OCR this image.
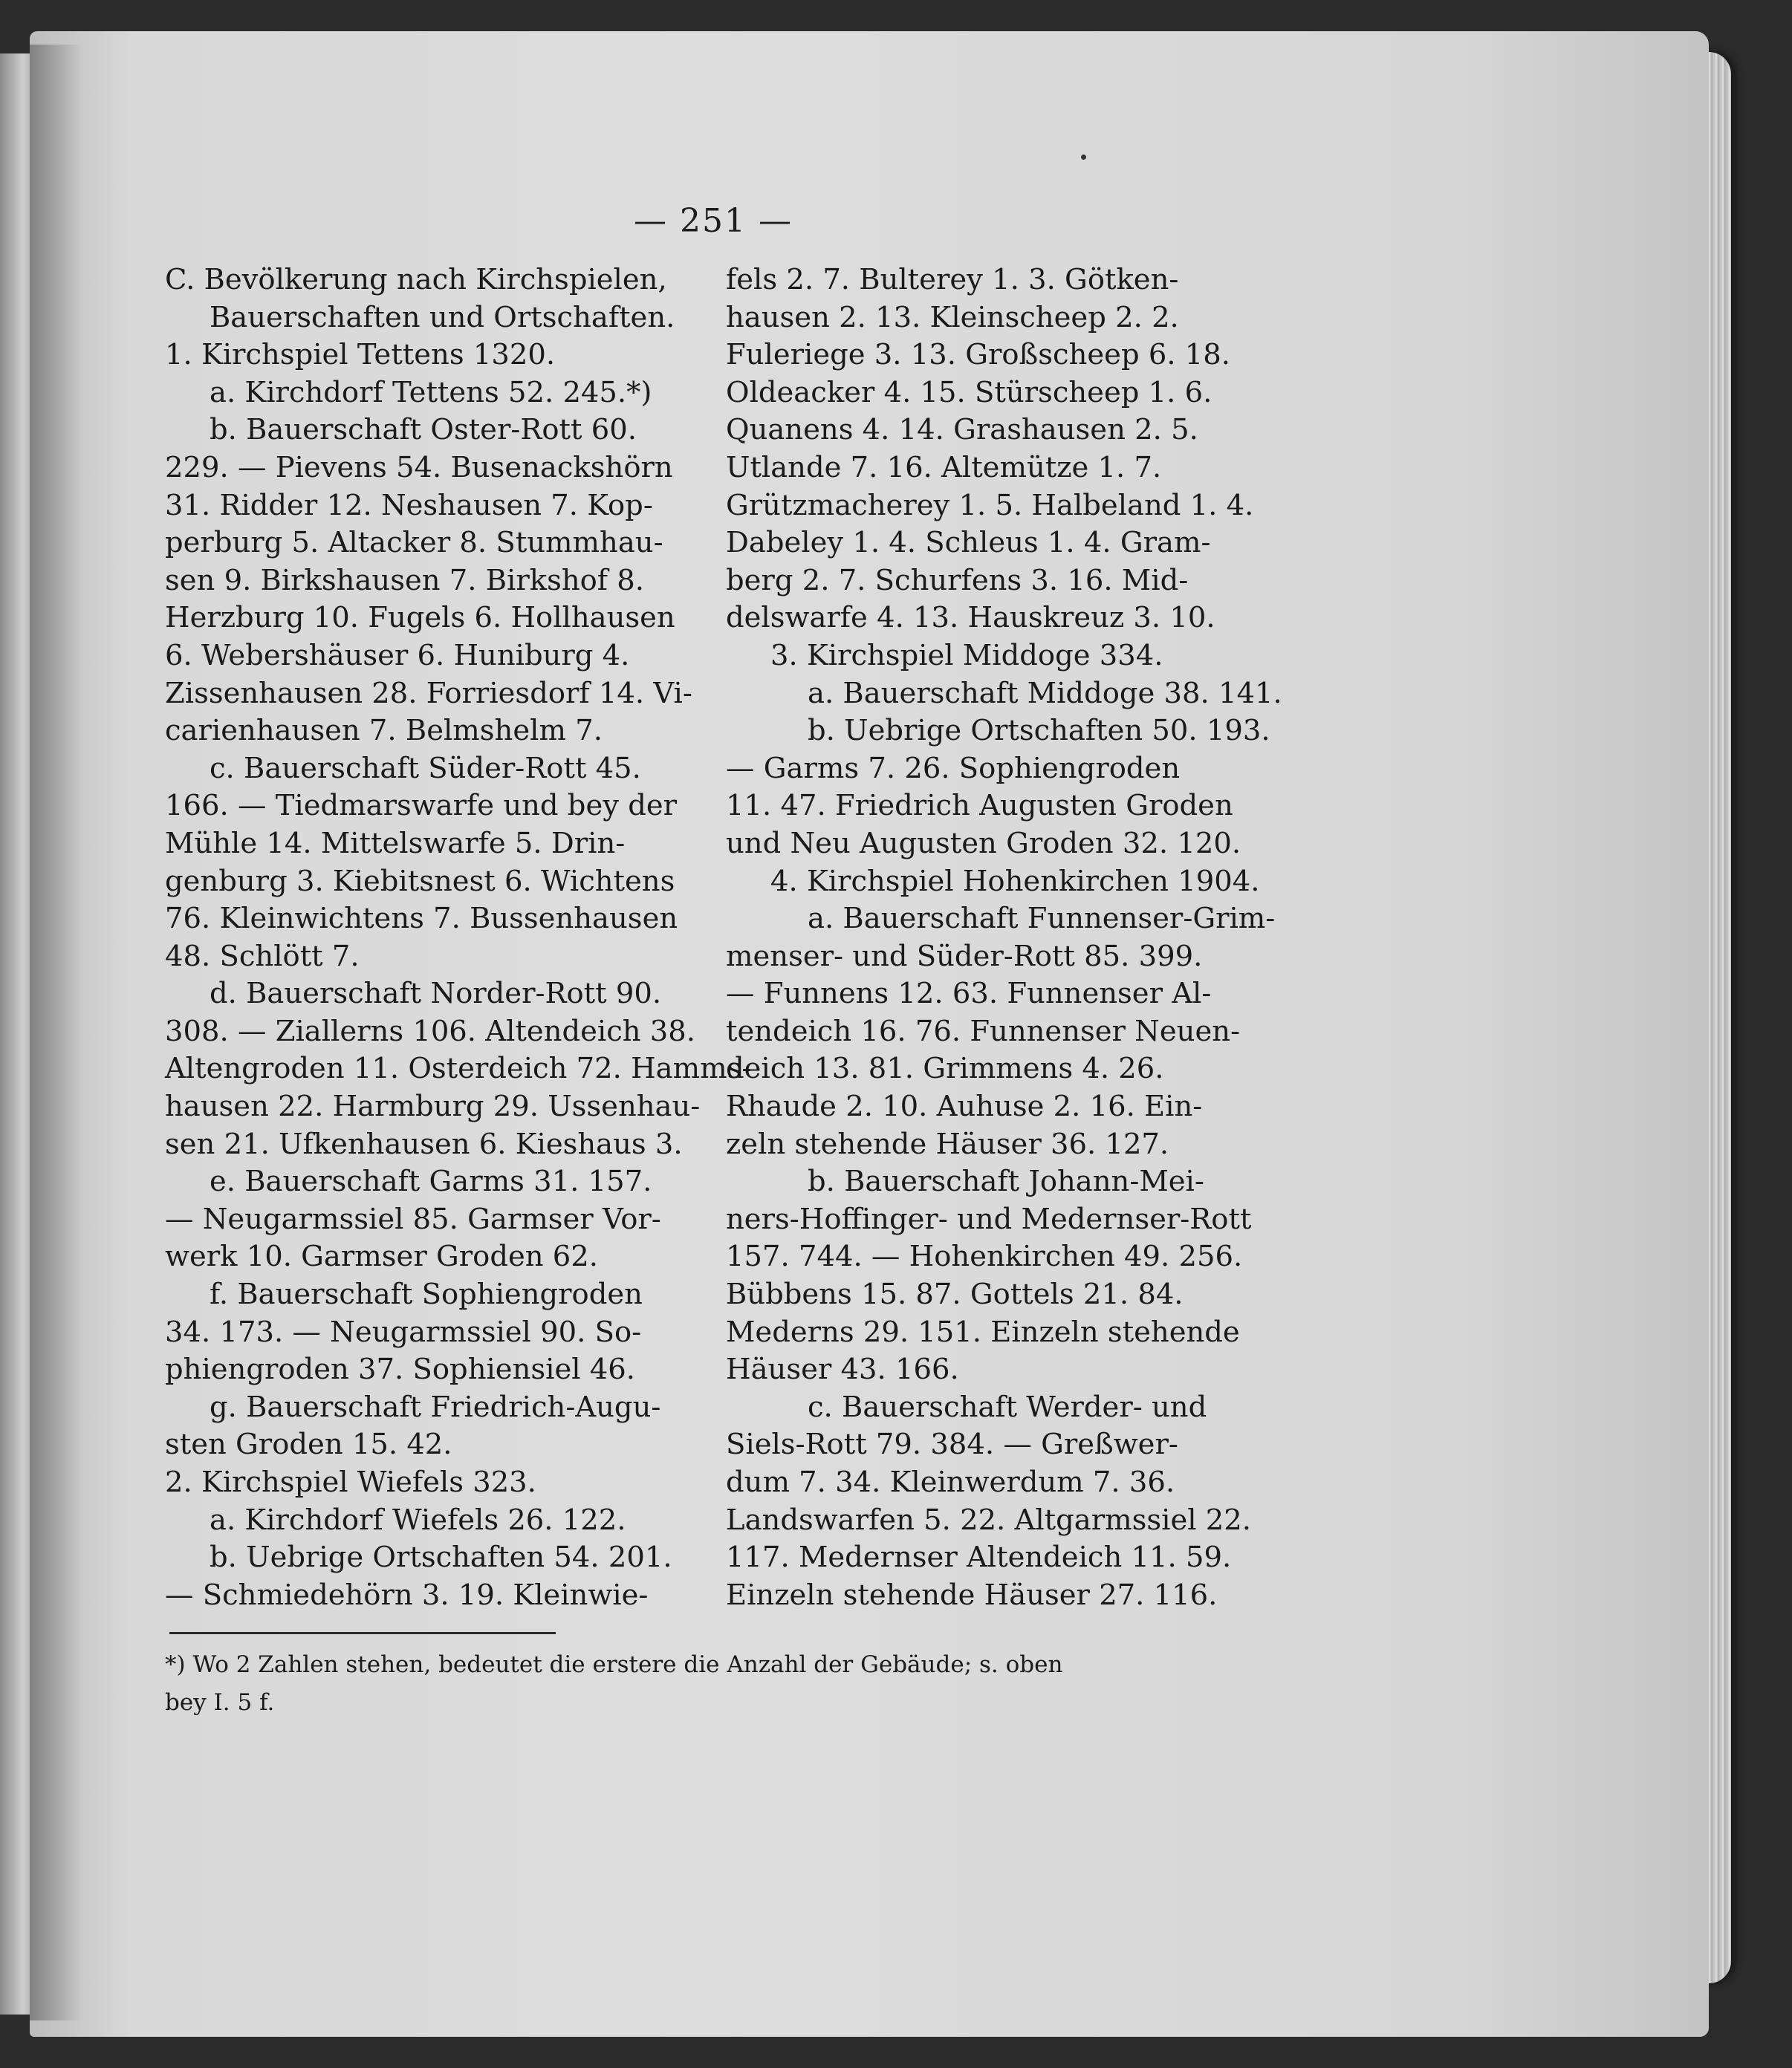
— 251 —
C. Bevölkerung nach Kirchspielen,
Bauerschaften und Ortschaften.
1. Kirchspiel Tettens 1320.
a. Kirchdorf Tettens 52. 245.*)
b. Bauerschaft Oster-Rott 60.
229. — Pievens 54. Busenackshörn
31. Ridder 12. Neshausen 7. Kop-
perburg 5. Altacker 8. Stummhau-
sen 9. Birkshausen 7. Birkshof 8.
Herzburg 10. Fugels 6. Hollhausen
6. Webershäuser 6. Huniburg 4.
Zissenhausen 28. Forriesdorf 14. Vi-
carienhausen 7. Belmshelm 7.
c. Bauerschaft Süder-Rott 45.
166. — Tiedmarswarfe und bey der
Mühle 14. Mittelswarfe 5. Drin-
genburg 3. Kiebitsnest 6. Wichtens
76. Kleinwichtens 7. Bussenhausen
48. Schlött 7.
d. Bauerschaft Norder-Rott 90.
308. — Ziallerns 106. Altendeich 38.
Altengroden 11. Osterdeich 72. Hamms-
hausen 22. Harmburg 29. Ussenhau-
sen 21. Ufkenhausen 6. Kieshaus 3.
e. Bauerschaft Garms 31. 157.
— Neugarmssiel 85. Garmser Vor-
werk 10. Garmser Groden 62.
f. Bauerschaft Sophiengroden
34. 173. — Neugarmssiel 90. So-
phiengroden 37. Sophiensiel 46.
g. Bauerschaft Friedrich-Augu-
sten Groden 15. 42.
2. Kirchspiel Wiefels 323.
a. Kirchdorf Wiefels 26. 122.
b. Uebrige Ortschaften 54. 201.
— Schmiedehörn 3. 19. Kleinwie-
fels 2. 7. Bulterey 1. 3. Götken-
hausen 2. 13. Kleinscheep 2. 2.
Fuleriege 3. 13. Großscheep 6. 18.
Oldeacker 4. 15. Stürscheep 1. 6.
Quanens 4. 14. Grashausen 2. 5.
Utlande 7. 16. Altemütze 1. 7.
Grützmacherey 1. 5. Halbeland 1. 4.
Dabeley 1. 4. Schleus 1. 4. Gram-
berg 2. 7. Schurfens 3. 16. Mid-
delswarfe 4. 13. Hauskreuz 3. 10.
3. Kirchspiel Middoge 334.
a. Bauerschaft Middoge 38. 141.
b. Uebrige Ortschaften 50. 193.
— Garms 7. 26. Sophiengroden
11. 47. Friedrich Augusten Groden
und Neu Augusten Groden 32. 120.
4. Kirchspiel Hohenkirchen 1904.
a. Bauerschaft Funnenser-Grim-
menser- und Süder-Rott 85. 399.
— Funnens 12. 63. Funnenser Al-
tendeich 16. 76. Funnenser Neuen-
deich 13. 81. Grimmens 4. 26.
Rhaude 2. 10. Auhuse 2. 16. Ein-
zeln stehende Häuser 36. 127.
b. Bauerschaft Johann-Mei-
ners-Hoffinger- und Medernser-Rott
157. 744. — Hohenkirchen 49. 256.
Bübbens 15. 87. Gottels 21. 84.
Mederns 29. 151. Einzeln stehende
Häuser 43. 166.
c. Bauerschaft Werder- und
Siels-Rott 79. 384. — Greßwer-
dum 7. 34. Kleinwerdum 7. 36.
Landswarfen 5. 22. Altgarmssiel 22.
117. Medernser Altendeich 11. 59.
Einzeln stehende Häuser 27. 116.
*) Wo 2 Zahlen stehen, bedeutet die erstere die Anzahl der Gebäude; s. oben
bey I. 5 f.
